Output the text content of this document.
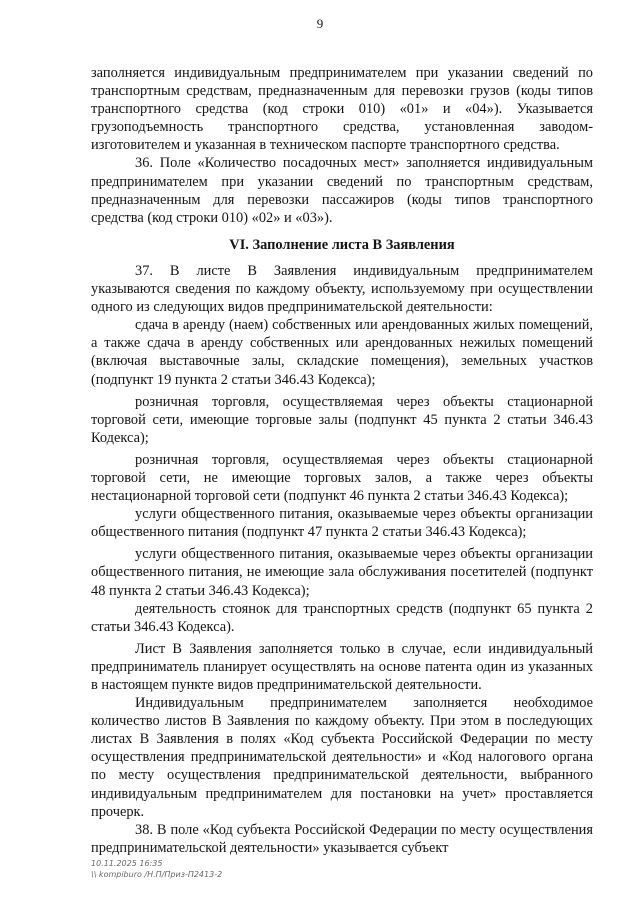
9

заполняется индивидуальным предпринимателем при указании сведений по транспортным средствам, предназначенным для перевозки грузов (коды типов транспортного средства (код строки 010) «01» и «04»). Указывается грузоподъемность транспортного средства, установленная заводом-изготовителем и указанная в техническом паспорте транспортного средства.

36. Поле «Количество посадочных мест» заполняется индивидуальным предпринимателем при указании сведений по транспортным средствам, предназначенным для перевозки пассажиров (коды типов транспортного средства (код строки 010) «02» и «03»).

VI. Заполнение листа В Заявления

37. В листе В Заявления индивидуальным предпринимателем указываются сведения по каждому объекту, используемому при осуществлении одного из следующих видов предпринимательской деятельности:

сдача в аренду (наем) собственных или арендованных жилых помещений, а также сдача в аренду собственных или арендованных нежилых помещений (включая выставочные залы, складские помещения), земельных участков (подпункт 19 пункта 2 статьи 346.43 Кодекса);

розничная торговля, осуществляемая через объекты стационарной торговой сети, имеющие торговые залы (подпункт 45 пункта 2 статьи 346.43 Кодекса);

розничная торговля, осуществляемая через объекты стационарной торговой сети, не имеющие торговых залов, а также через объекты нестационарной торговой сети (подпункт 46 пункта 2 статьи 346.43 Кодекса);

услуги общественного питания, оказываемые через объекты организации общественного питания (подпункт 47 пункта 2 статьи 346.43 Кодекса);

услуги общественного питания, оказываемые через объекты организации общественного питания, не имеющие зала обслуживания посетителей (подпункт 48 пункта 2 статьи 346.43 Кодекса);

деятельность стоянок для транспортных средств (подпункт 65 пункта 2 статьи 346.43 Кодекса).

Лист В Заявления заполняется только в случае, если индивидуальный предприниматель планирует осуществлять на основе патента один из указанных в настоящем пункте видов предпринимательской деятельности.

Индивидуальным предпринимателем заполняется необходимое количество листов В Заявления по каждому объекту. При этом в последующих листах В Заявления в полях «Код субъекта Российской Федерации по месту осуществления предпринимательской деятельности» и «Код налогового органа по месту осуществления предпринимательской деятельности, выбранного индивидуальным предпринимателем для постановки на учет» проставляется прочерк.

38. В поле «Код субъекта Российской Федерации по месту осуществления предпринимательской деятельности» указывается субъект

10.11.2025 16:35
\\ kompiburo /Н.П/Приз-П2413-2
